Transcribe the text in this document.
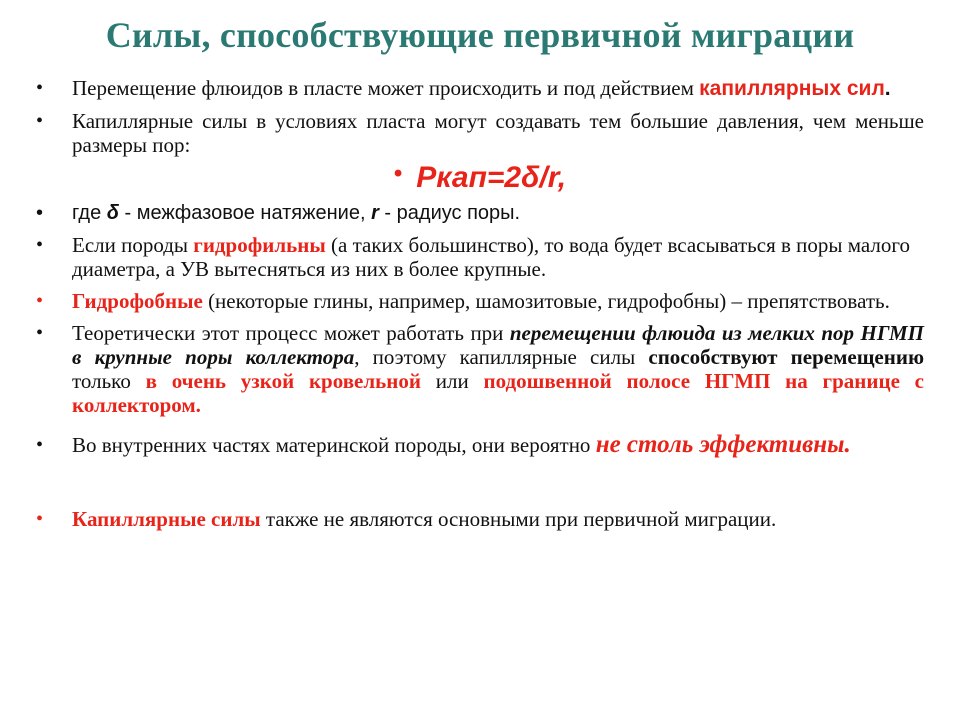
Силы, способствующие первичной миграции
• Перемещение флюидов в пласте может происходить и под действием капиллярных сил.
• Капиллярные силы в условиях пласта могут создавать тем большие давления, чем меньше размеры пор:
• Ркап=2δ/r,
• где δ - межфазовое натяжение, r - радиус поры.
• Если породы гидрофильны (а таких большинство), то вода будет всасываться в поры малого диаметра, а УВ вытесняться из них в более крупные.
• Гидрофобные (некоторые глины, например, шамозитовые, гидрофобны) – препятствовать.
• Теоретически этот процесс может работать при перемещении флюида из мелких пор НГМП в крупные поры коллектора, поэтому капиллярные силы способствуют перемещению только в очень узкой кровельной или подошвенной полосе НГМП на границе с коллектором.
• Во внутренних частях материнской породы, они вероятно не столь эффективны.
• Капиллярные силы также не являются основными при первичной миграции.
